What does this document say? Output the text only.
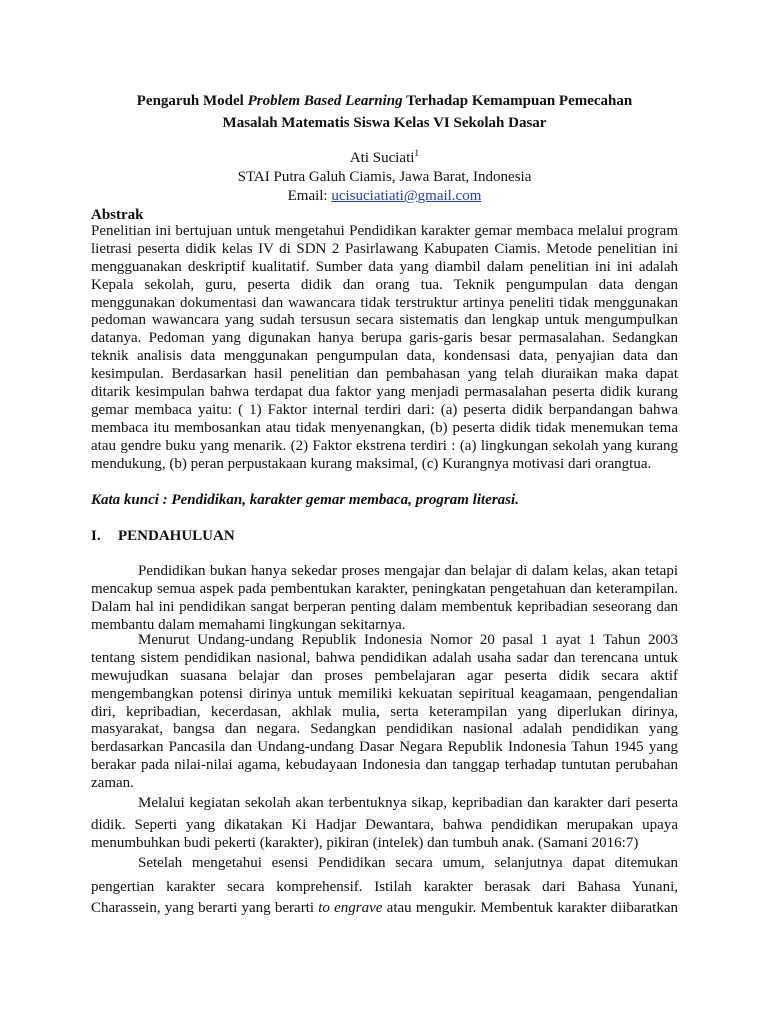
Pengaruh Model Problem Based Learning Terhadap Kemampuan Pemecahan
Masalah Matematis Siswa Kelas VI Sekolah Dasar
Ati Suciati$^1$
STAI Putra Galuh Ciamis, Jawa Barat, Indonesia
Email: ucisuciatiati@gmail.com
Abstrak
Penelitian ini bertujuan untuk mengetahui Pendidikan karakter gemar membaca melalui program
lietrasi peserta didik kelas IV di SDN 2 Pasirlawang Kabupaten Ciamis. Metode penelitian ini
mengguanakan deskriptif kualitatif. Sumber data yang diambil dalam penelitian ini ini adalah
Kepala sekolah, guru, peserta didik dan orang tua. Teknik pengumpulan data dengan
menggunakan dokumentasi dan wawancara tidak terstruktur artinya peneliti tidak menggunakan
pedoman wawancara yang sudah tersusun secara sistematis dan lengkap untuk mengumpulkan
datanya. Pedoman yang digunakan hanya berupa garis-garis besar permasalahan. Sedangkan
teknik analisis data menggunakan pengumpulan data, kondensasi data, penyajian data dan
kesimpulan. Berdasarkan hasil penelitian dan pembahasan yang telah diuraikan maka dapat
ditarik kesimpulan bahwa terdapat dua faktor yang menjadi permasalahan peserta didik kurang
gemar membaca yaitu: ( 1) Faktor internal terdiri dari: (a) peserta didik berpandangan bahwa
membaca itu membosankan atau tidak menyenangkan, (b) peserta didik tidak menemukan tema
atau gendre buku yang menarik. (2) Faktor ekstrena terdiri : (a) lingkungan sekolah yang kurang
mendukung, (b) peran perpustakaan kurang maksimal, (c) Kurangnya motivasi dari orangtua.
Kata kunci : Pendidikan, karakter gemar membaca, program literasi.
I. PENDAHULUAN
Pendidikan bukan hanya sekedar proses mengajar dan belajar di dalam kelas, akan tetapi
mencakup semua aspek pada pembentukan karakter, peningkatan pengetahuan dan keterampilan.
Dalam hal ini pendidikan sangat berperan penting dalam membentuk kepribadian seseorang dan
membantu dalam memahami lingkungan sekitarnya.
Menurut Undang-undang Republik Indonesia Nomor 20 pasal 1 ayat 1 Tahun 2003
tentang sistem pendidikan nasional, bahwa pendidikan adalah usaha sadar dan terencana untuk
mewujudkan suasana belajar dan proses pembelajaran agar peserta didik secara aktif
mengembangkan potensi dirinya untuk memiliki kekuatan sepiritual keagamaan, pengendalian
diri, kepribadian, kecerdasan, akhlak mulia, serta keterampilan yang diperlukan dirinya,
masyarakat, bangsa dan negara. Sedangkan pendidikan nasional adalah pendidikan yang
berdasarkan Pancasila dan Undang-undang Dasar Negara Republik Indonesia Tahun 1945 yang
berakar pada nilai-nilai agama, kebudayaan Indonesia dan tanggap terhadap tuntutan perubahan
zaman.
Melalui kegiatan sekolah akan terbentuknya sikap, kepribadian dan karakter dari peserta
didik. Seperti yang dikatakan Ki Hadjar Dewantara, bahwa pendidikan merupakan upaya
menumbuhkan budi pekerti (karakter), pikiran (intelek) dan tumbuh anak. (Samani 2016:7)
Setelah mengetahui esensi Pendidikan secara umum, selanjutnya dapat ditemukan
pengertian karakter secara komprehensif. Istilah karakter berasak dari Bahasa Yunani,
Charassein, yang berarti yang berarti to engrave atau mengukir. Membentuk karakter diibaratkan
